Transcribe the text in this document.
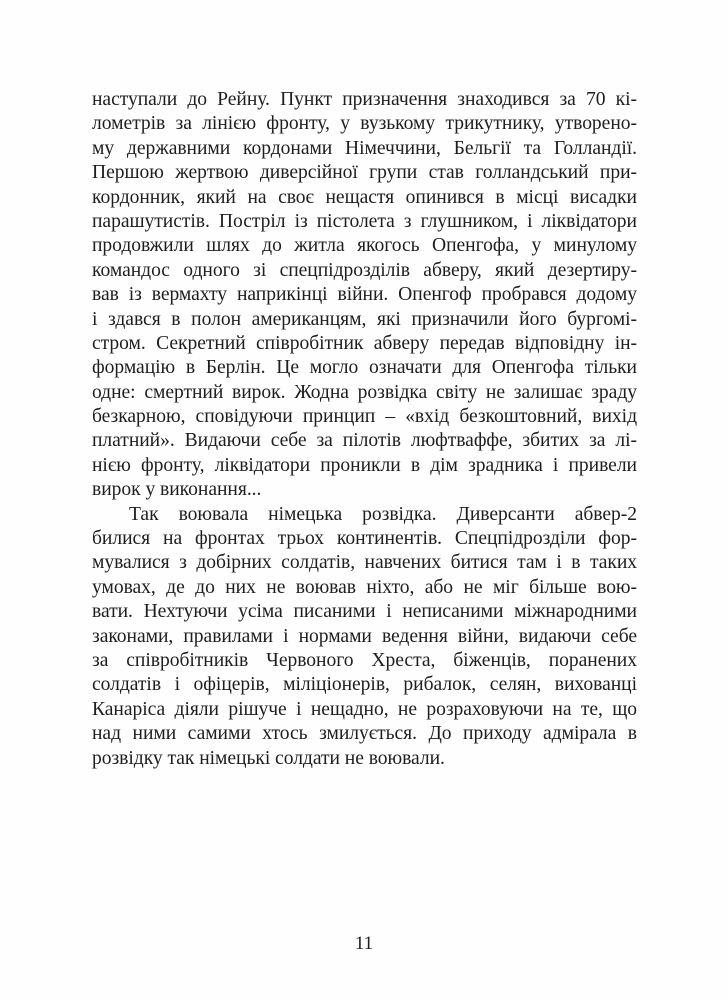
наступали до Рейну. Пункт призначення знаходився за 70 кі-
лометрів за лінією фронту, у вузькому трикутнику, утворено-
му державними кордонами Німеччини, Бельгії та Голландії.
Першою жертвою диверсійної групи став голландський при-
кордонник, який на своє нещастя опинився в місці висадки
парашутистів. Постріл із пістолета з глушником, і ліквідатори
продовжили шлях до житла якогось Опенгофа, у минулому
командос одного зі спецпідрозділів абверу, який дезертиру-
вав із вермахту наприкінці війни. Опенгоф пробрався додому
і здався в полон американцям, які призначили його бургомі-
стром. Секретний співробітник абверу передав відповідну ін-
формацію в Берлін. Це могло означати для Опенгофа тільки
одне: смертний вирок. Жодна розвідка світу не залишає зраду
безкарною, сповідуючи принцип – «вхід безкоштовний, вихід
платний». Видаючи себе за пілотів люфтваффе, збитих за лі-
нією фронту, ліквідатори проникли в дім зрадника і привели
вирок у виконання...
Так воювала німецька розвідка. Диверсанти абвер-2
билися на фронтах трьох континентів. Спецпідрозділи фор-
мувалися з добірних солдатів, навчених битися там і в таких
умовах, де до них не воював ніхто, або не міг більше вою-
вати. Нехтуючи усіма писаними і неписаними міжнародними
законами, правилами і нормами ведення війни, видаючи себе
за співробітників Червоного Хреста, біженців, поранених
солдатів і офіцерів, міліціонерів, рибалок, селян, вихованці
Канаріса діяли рішуче і нещадно, не розраховуючи на те, що
над ними самими хтось змилується. До приходу адмірала в
розвідку так німецькі солдати не воювали.
11
